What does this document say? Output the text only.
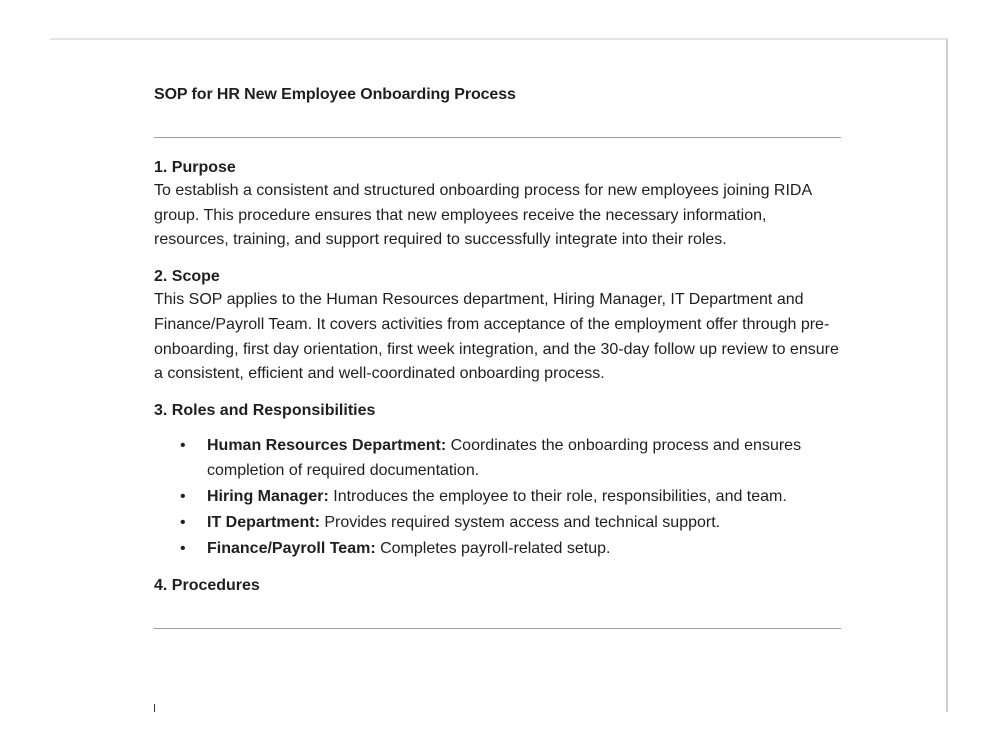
SOP for HR New Employee Onboarding Process
1. Purpose

To establish a consistent and structured onboarding process for new employees joining RIDA group. This procedure ensures that new employees receive the necessary information, resources, training, and support required to successfully integrate into their roles.

2. Scope

This SOP applies to the Human Resources department, Hiring Manager, IT Department and Finance/Payroll Team. It covers activities from acceptance of the employment offer through pre-onboarding, first day orientation, first week integration, and the 30-day follow up review to ensure a consistent, efficient and well-coordinated onboarding process.

3. Roles and Responsibilities
• Human Resources Department: Coordinates the onboarding process and ensures completion of required documentation.
• Hiring Manager: Introduces the employee to their role, responsibilities, and team.
• IT Department: Provides required system access and technical support.
• Finance/Payroll Team: Completes payroll-related setup.
4. Procedures
